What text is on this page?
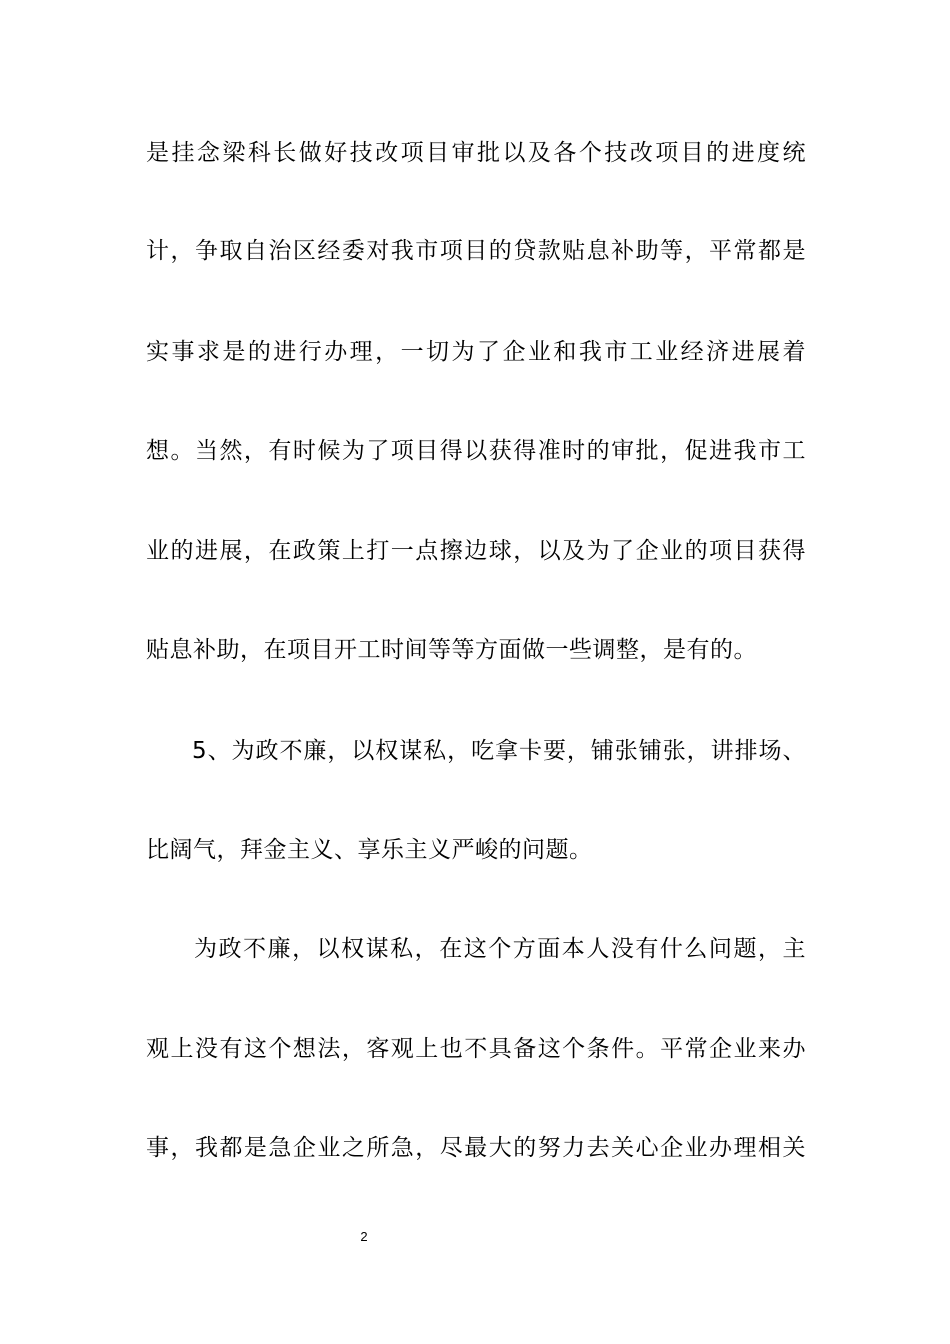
是挂念梁科长做好技改项目审批以及各个技改项目的进度统
计，争取自治区经委对我市项目的贷款贴息补助等，平常都是
实事求是的进行办理，一切为了企业和我市工业经济进展着
想。当然，有时候为了项目得以获得准时的审批，促进我市工
业的进展，在政策上打一点擦边球，以及为了企业的项目获得
贴息补助，在项目开工时间等等方面做一些调整，是有的。
5、为政不廉，以权谋私，吃拿卡要，铺张铺张，讲排场、
比阔气，拜金主义、享乐主义严峻的问题。
为政不廉，以权谋私，在这个方面本人没有什么问题，主
观上没有这个想法，客观上也不具备这个条件。平常企业来办
事，我都是急企业之所急，尽最大的努力去关心企业办理相关
2
